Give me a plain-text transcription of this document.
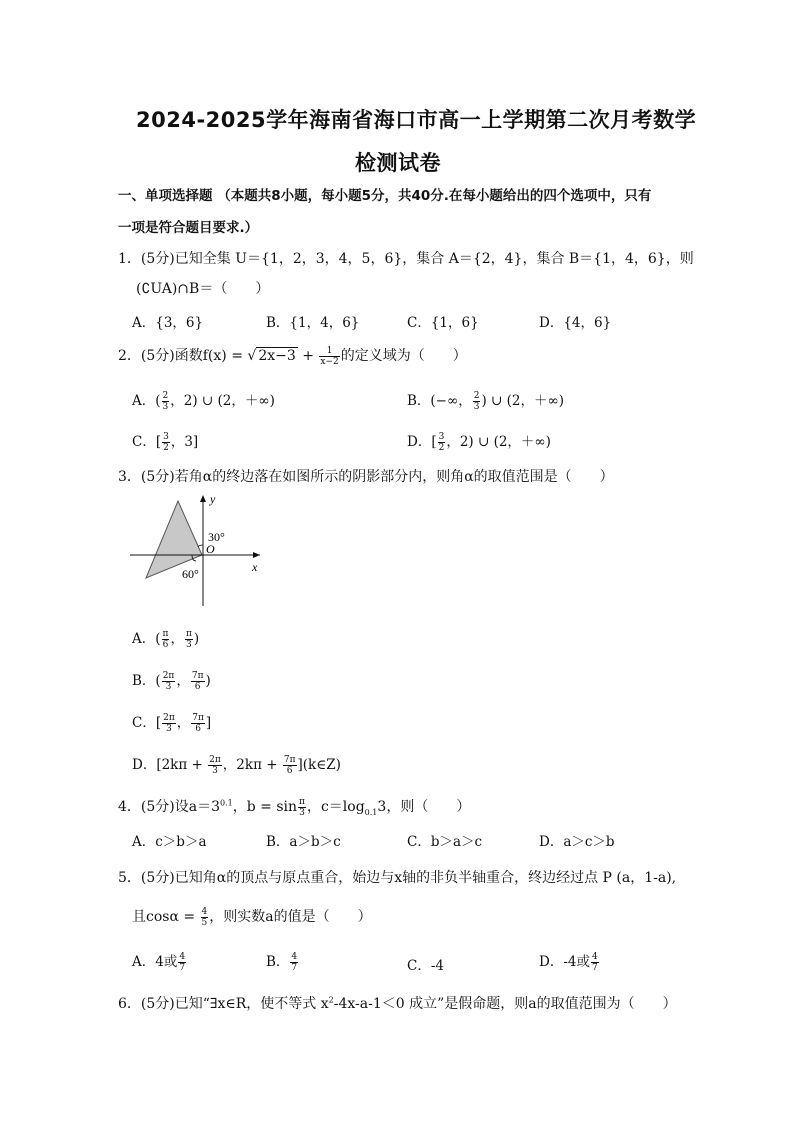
2024-2025学年海南省海口市高一上学期第二次月考数学
检测试卷
一、单项选择题 （本题共8小题，每小题5分，共40分.在每小题给出的四个选项中，只有
一项是符合题目要求.）
1．(5分)已知全集 U＝{1，2，3，4，5，6}，集合 A＝{2，4}，集合 B＝{1，4，6}，则
(∁UA)∩B＝（　　）
A．{3，6}	B．{1，4，6}	C．{1，6}	D．{4，6}
2．(5分)函数f(x) = √ $2x-3 + \frac{1}{x-2}$ 的定义域为（　　）
A．( $\frac{2}{3}$ ，2) ∪ (2，＋∞)	B．(−∞， $\frac{2}{3}$ ) ∪ (2，＋∞)
C．[ $\frac{3}{2}$ ，3]	D．[ $\frac{3}{2}$ ，2) ∪ (2，＋∞)
3．(5分)若角α的终边落在如图所示的阴影部分内，则角α的取值范围是（　　）
y
x
O
30°
60°
A．( $\frac{\pi}{6}$ ， $\frac{\pi}{3}$ )
B．( $\frac{2\pi}{3}$ ， $\frac{7\pi}{6}$ )
C．[ $\frac{2\pi}{3}$ ， $\frac{7\pi}{6}$ ]
D．[$2k\pi + \frac{2\pi}{3}$ ，$2k\pi + \frac{7\pi}{6}$ ](k∈Z)
4．(5分)设$a=3^{0.1}$，$b = \sin \frac{\pi}{3}$ ，$c=\log_{0.1}3$，则（　　）
A．c＞b＞a	B．a＞b＞c	C．b＞a＞c	D．a＞c＞b
5．(5分)已知角α的顶点与原点重合，始边与x轴的非负半轴重合，终边经过点 P (a，1-a),
且$\cos\alpha = \frac{4}{5}$ ，则实数a的值是（　　）
A．4或 $\frac{4}{7}$	B． $\frac{4}{7}$	C．-4	D．-4或 $\frac{4}{7}$
6．(5分)已知“∃x∈R，使不等式 $x^2-4x-a-1<0$ 成立”是假命题，则a的取值范围为（　　）
